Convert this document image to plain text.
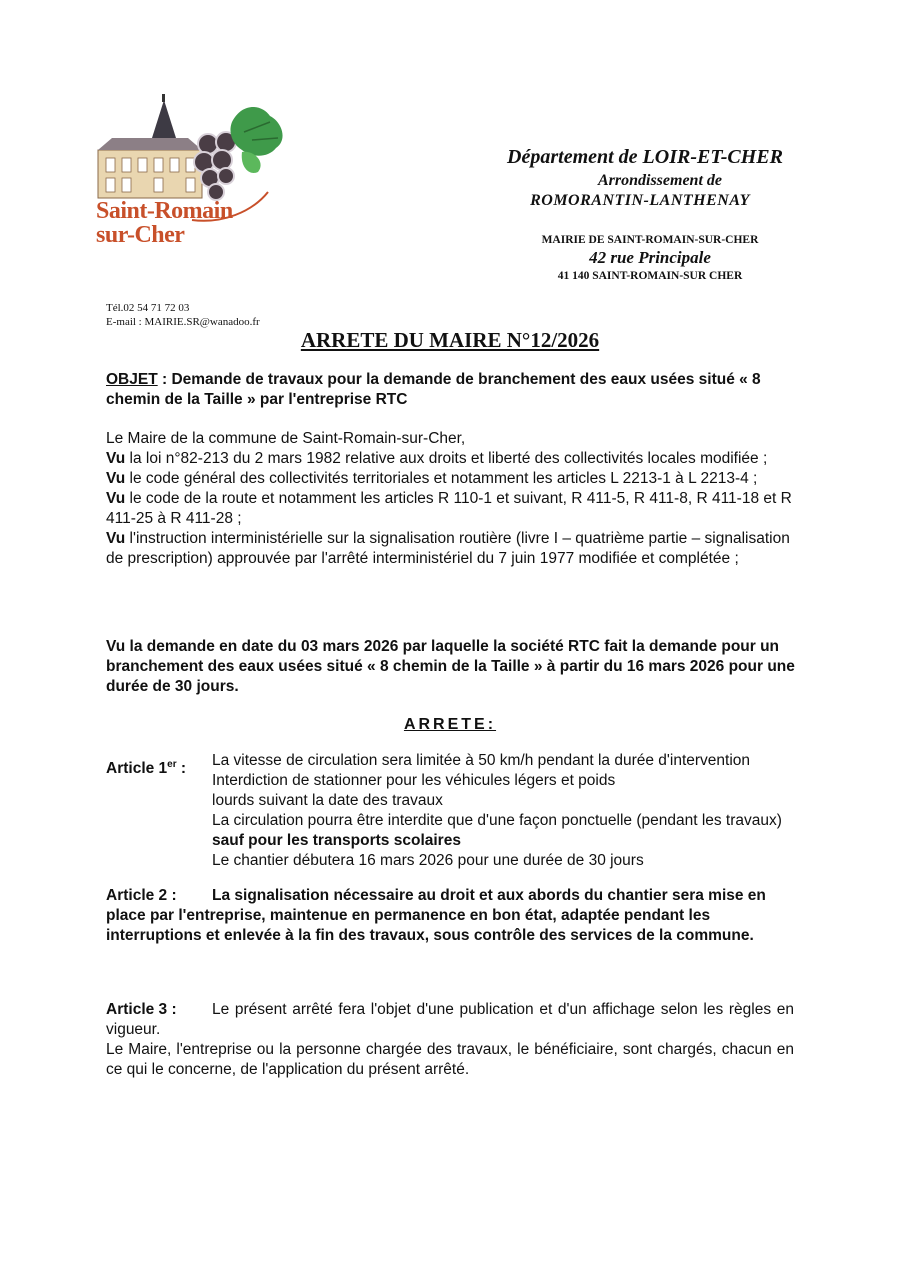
Saint-Romain
sur-Cher
Département de LOIR-ET-CHER
Arrondissement de
ROMORANTIN-LANTHENAY
MAIRIE DE SAINT-ROMAIN-SUR-CHER
42 rue Principale
41 140 SAINT-ROMAIN-SUR CHER
Tél.02 54 71 72 03
E-mail : MAIRIE.SR@wanadoo.fr
ARRETE DU MAIRE N°12/2026
OBJET : Demande de travaux pour la demande de branchement des eaux usées situé « 8 chemin de la Taille » par l'entreprise RTC

Le Maire de la commune de Saint-Romain-sur-Cher,

Vu la loi n°82-213 du 2 mars 1982 relative aux droits et liberté des collectivités locales modifiée ;

Vu le code général des collectivités territoriales et notamment les articles L 2213-1 à L 2213-4 ;

Vu le code de la route et notamment les articles R 110-1 et suivant, R 411-5, R 411-8, R 411-18 et R 411-25 à R 411-28 ;

Vu l'instruction interministérielle sur la signalisation routière (livre I – quatrième partie – signalisation de prescription) approuvée par l'arrêté interministériel du 7 juin 1977 modifiée et complétée ;

Vu la demande en date du 03 mars 2026 par laquelle la société RTC fait la demande pour un branchement des eaux usées situé « 8 chemin de la Taille » à partir du 16 mars 2026 pour une durée de 30 jours.
ARRETE:
Article 1er : La vitesse de circulation sera limitée à 50 km/h pendant la durée d'intervention
Interdiction de stationner pour les véhicules légers et poids
lourds suivant la date des travaux
La circulation pourra être interdite que d'une façon ponctuelle (pendant les travaux) sauf pour les transports scolaires
Le chantier débutera 16 mars 2026 pour une durée de 30 jours
Article 2 : La signalisation nécessaire au droit et aux abords du chantier sera mise en place par l'entreprise, maintenue en permanence en bon état, adaptée pendant les interruptions et enlevée à la fin des travaux, sous contrôle des services de la commune.

Article 3 : Le présent arrêté fera l'objet d'une publication et d'un affichage selon les règles en vigueur.

Le Maire, l'entreprise ou la personne chargée des travaux, le bénéficiaire, sont chargés, chacun en ce qui le concerne, de l'application du présent arrêté.
